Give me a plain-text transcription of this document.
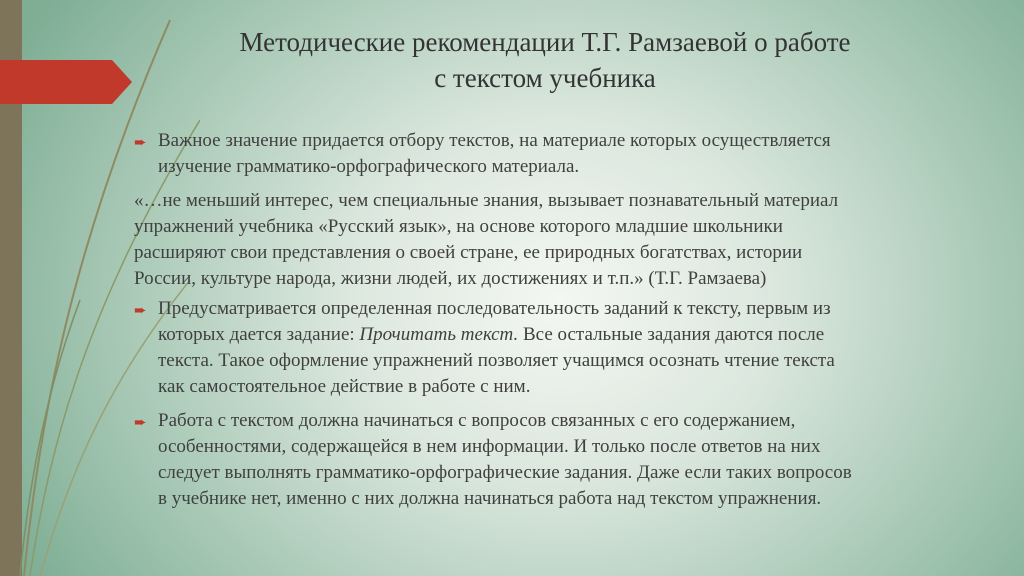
Методические рекомендации Т.Г. Рамзаевой о работе
с текстом учебника
➨ Важное значение придается отбору текстов, на материале которых осуществляется
изучение грамматико-орфографического материала.
«…не меньший интерес, чем специальные знания, вызывает познавательный материал
упражнений учебника «Русский язык», на основе которого младшие школьники
расширяют свои представления о своей стране, ее природных богатствах, истории
России, культуре народа, жизни людей, их достижениях и т.п.» (Т.Г. Рамзаева)
➨ Предусматривается определенная последовательность заданий к тексту, первым из
которых дается задание: Прочитать текст. Все остальные задания даются после
текста. Такое оформление упражнений позволяет учащимся осознать чтение текста
как самостоятельное действие в работе с ним.
➨ Работа с текстом должна начинаться с вопросов связанных с его содержанием,
особенностями, содержащейся в нем информации. И только после ответов на них
следует выполнять грамматико-орфографические задания. Даже если таких вопросов
в учебнике нет, именно с них должна начинаться работа над текстом упражнения.
